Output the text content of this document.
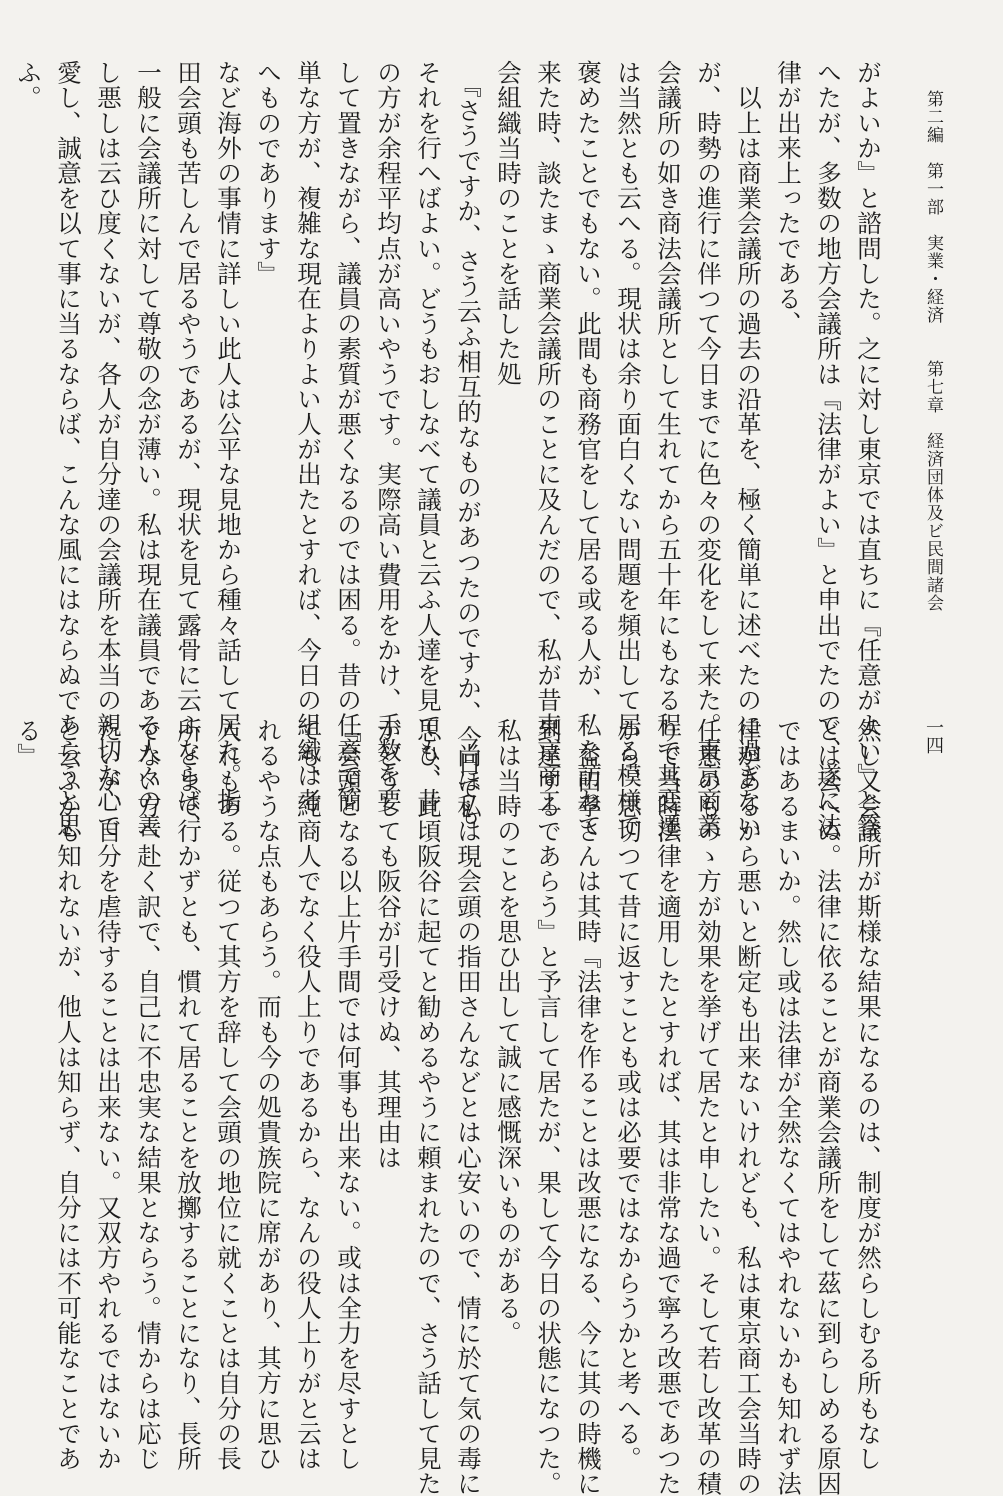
第二編　第一部　実業・経済　　第七章　経済団体及ビ民間諸会
一四
がよいか』と諮問した。之に対し東京では直ちに『任意がよい』と答
へたが、多数の地方会議所は『法律がよい』と申出でたので、遂に法
律が出来上ったである、
　以上は商業会議所の過去の沿革を、極く簡単に述べたのに過ぎない
が、時勢の進行に伴つて今日までに色々の変化をして来た。東京商業
会議所の如き商法会議所として生れてから五十年にもなる程で其変遷
は当然とも云へる。現状は余り面白くない問題を頻出して居る模様で
褒めたことでもない。此間も商務官をして居る或る人が、私を訪ねて
来た時、談たまゝ商業会議所のことに及んだので、私が昔東京商工
会組織当時のことを話した処
　『さうですか、さう云ふ相互的なものがあつたのですか、今日でも
それを行へばよい。どうもおしなべて議員と云ふ人達を見ても、昔
の方が余程平均点が高いやうです。実際高い費用をかけ、手数を要
して置きながら、議員の素質が悪くなるのでは困る。昔の任意で簡
単な方が、複雑な現在よりよい人が出たとすれば、今日の組織は考
へものであります』
など海外の事情に詳しい此人は公平な見地から種々話して居た。指
田会頭も苦しんで居るやうであるが、現状を見て露骨に云ふならば、
一般に会議所に対して尊敬の念が薄い。私は現在議員である人々の善
し悪しは云ひ度くないが、各人が自分達の会議所を本当の親切な心で
愛し、誠意を以て事に当るならば、こんな風にはならぬであらうと思
ふ。
然し又会議所が斯様な結果になるのは、制度が然らしむる所もなし
とは云へぬ。法律に依ることが商業会議所をして茲に到らしめる原因
ではあるまいか。然し或は法律が全然なくてはやれないかも知れず法
律があるから悪いと断定も出来ないけれども、私は東京商工会当時の
任意のものゝ方が効果を挙げて居たと申したい。そして若し改革の積
りで当時法律を適用したとすれば、其は非常な過で寧ろ改悪であつた
から、思切つて昔に返すことも或は必要ではなからうかと考へる。
　益田孝さんは其時『法律を作ることは改悪になる、今に其の時機に
到達するであらう』と予言して居たが、果して今日の状態になつた。
私は当時のことを思ひ出して誠に感慨深いものがある。
　尚ほ私は現会頭の指田さんなどとは心安いので、情に於て気の毒に
思ひ、此頃阪谷に起てと勧めるやうに頼まれたので、さう話して見た
がどうしても阪谷が引受けぬ、其理由は
『会頭となる以上片手間では何事も出来ない。或は全力を尽すとし
ても、純商人でなく役人上りであるから、なんの役人上りがと云は
れるやうな点もあらう。而も今の処貴族院に席があり、其方に思ひ
入れもある。従つて其方を辞して会頭の地位に就くことは自分の長
所とまで行かずとも、慣れて居ることを放擲することになり、長所
でない方へ赴く訳で、自己に不忠実な結果とならう。情からは応じ
たいが、自分を虐待することは出来ない。又双方やれるではないか
と云ふかも知れないが、他人は知らず、自分には不可能なことであ
る』
